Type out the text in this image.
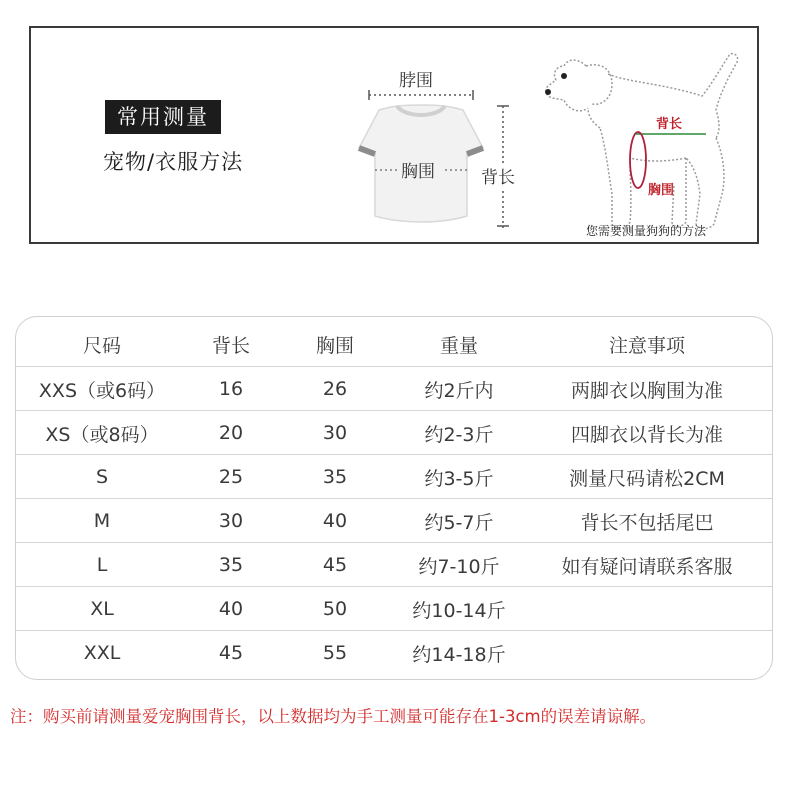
常用测量
宠物/衣服方法
脖围
胸围	背长
背长
胸围
您需要测量狗狗的方法
尺码	背长	胸围	重量	注意事项
XXS（或6码）	16	26	约2斤内	两脚衣以胸围为准
XS（或8码）	20	30	约2-3斤	四脚衣以背长为准
S	25	35	约3-5斤	测量尺码请松2CM
M	30	40	约5-7斤	背长不包括尾巴
L	35	45	约7-10斤	如有疑问请联系客服
XL	40	50	约10-14斤
XXL	45	55	约14-18斤
注：购买前请测量爱宠胸围背长，以上数据均为手工测量可能存在1-3cm的误差请谅解。
